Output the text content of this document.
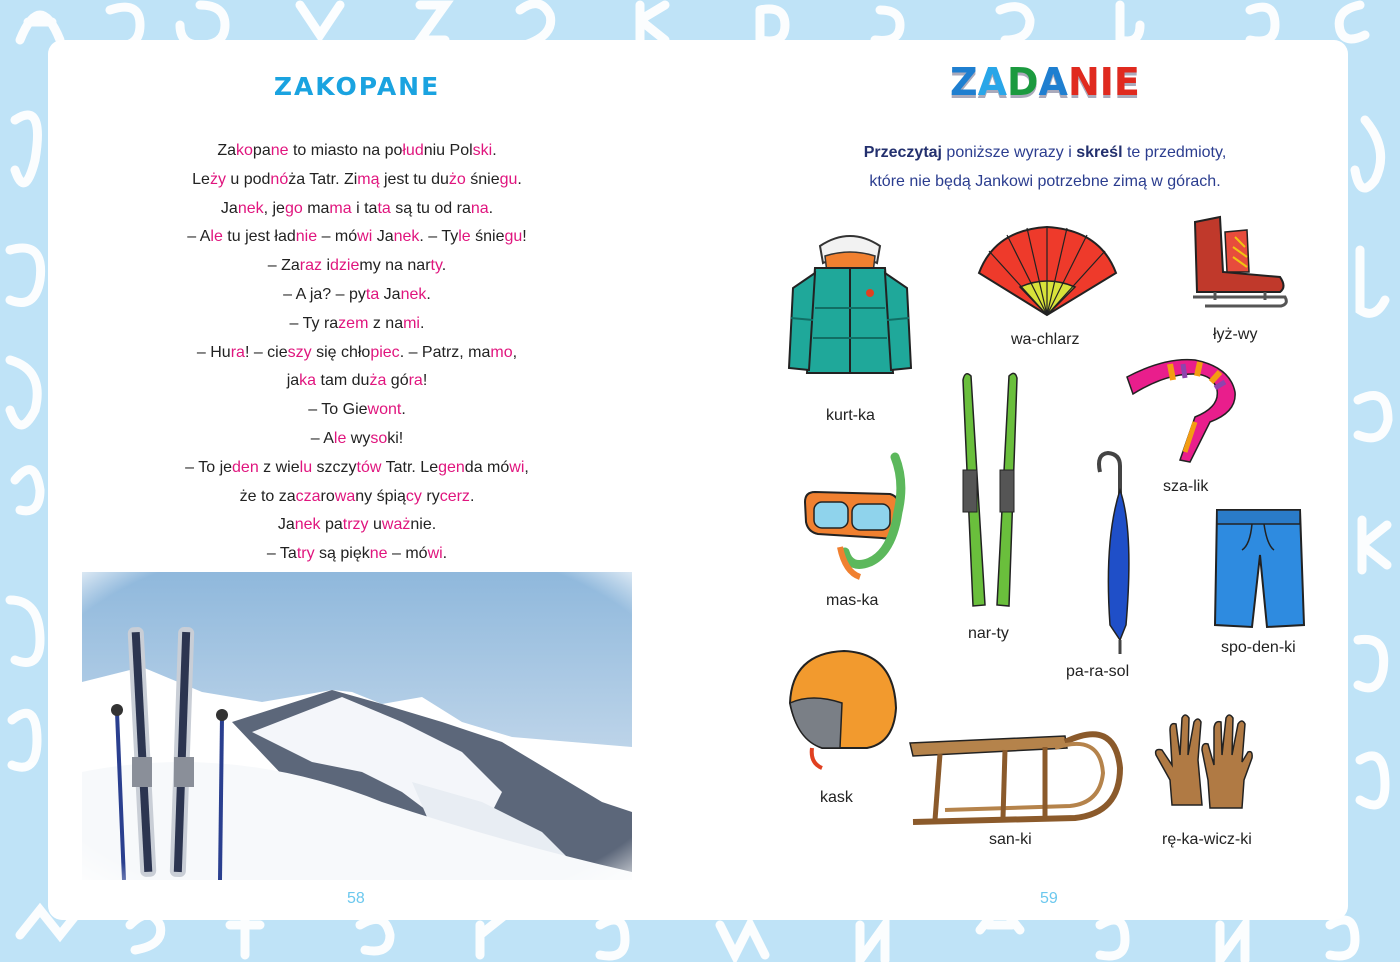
ZAKOPANE
Zakopane to miasto na południu Polski.
Leży u podnóża Tatr. Zimą jest tu dużo śniegu.
Janek, jego mama i tata są tu od rana.
– Ale tu jest ładnie – mówi Janek. – Tyle śniegu!
– Zaraz idziemy na narty.
– A ja? – pyta Janek.
– Ty razem z nami.
– Hura! – cieszy się chłopiec. – Patrz, mamo,
jaka tam duża góra!
– To Giewont.
– Ale wysoki!
– To jeden z wielu szczytów Tatr. Legenda mówi,
że to zaczarowany śpiący rycerz.
Janek patrzy uważnie.
– Tatry są piękne – mówi.
58
ZADANIE
Przeczytaj poniższe wyrazy i skreśl te przedmioty,
które nie będą Jankowi potrzebne zimą w górach.
kurt-ka
wa-chlarz	łyż-wy
sza-lik
mas-ka
nar-ty
pa-ra-sol
spo-den-ki
kask
san-ki	rę-ka-wicz-ki
59
